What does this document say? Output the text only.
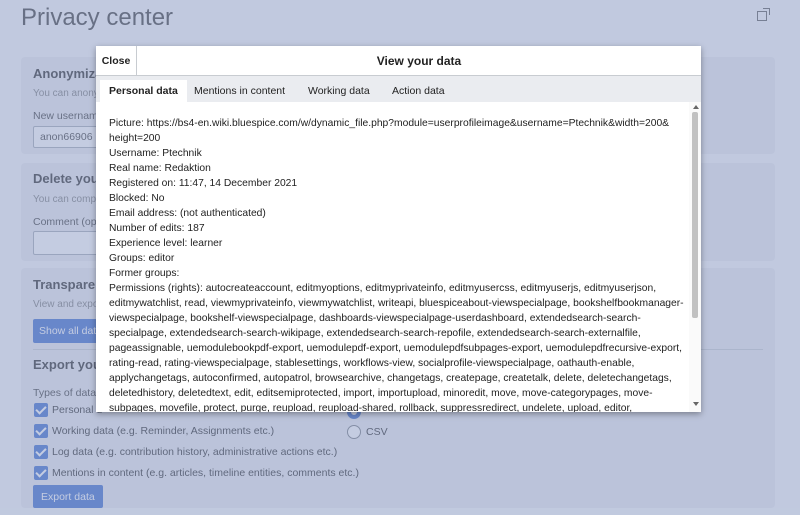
Close	View your data
Personal data	Mentions in content	Working data	Action data
Picture: https://bs4-en.wiki.bluespice.com/w/dynamic_file.php?module=userprofileimage&username=Ptechnik&width=200&
height=200
Username: Ptechnik
Real name: Redaktion
Registered on: 11:47, 14 December 2021
Blocked: No
Email address: (not authenticated)
Number of edits: 187
Experience level: learner
Groups: editor
Former groups:
Permissions (rights): autocreateaccount, editmyoptions, editmyprivateinfo, editmyusercss, editmyuserjs, editmyuserjson, editmywatchlist, read, viewmyprivateinfo, viewmywatchlist, writeapi, bluespiceabout-viewspecialpage, bookshelfbookmanager-viewspecialpage, bookshelf-viewspecialpage, dashboards-viewspecialpage-userdashboard, extendedsearch-search-specialpage, extendedsearch-search-wikipage, extendedsearch-search-repofile, extendedsearch-search-externalfile, pageassignable, uemodulebookpdf-export, uemodulepdf-export, uemodulepdfsubpages-export, uemodulepdfrecursive-export, rating-read, rating-viewspecialpage, stablesettings, workflows-view, socialprofile-viewspecialpage, oathauth-enable, applychangetags, autoconfirmed, autopatrol, browsearchive, changetags, createpage, createtalk, delete, deletechangetags, deletedhistory, deletedtext, edit, editsemiprotected, import, importupload, minoredit, move, move-categorypages, move-subpages, movefile, protect, purge, reupload, reupload-shared, rollback, suppressredirect, undelete, upload, editor,
